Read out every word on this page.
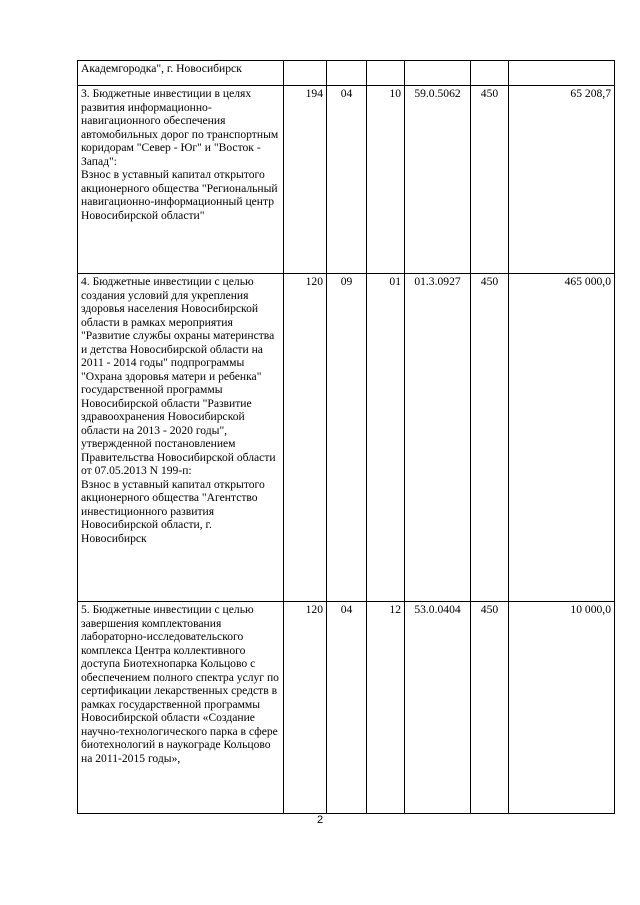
Академгородка", г. Новосибирск						
3. Бюджетные инвестиции в целях развития информационно-навигационного обеспечения автомобильных дорог по транспортным коридорам "Север - Юг" и "Восток - Запад":
Взнос в уставный капитал открытого акционерного общества "Региональный навигационно-информационный центр Новосибирской области"	194	04	10	59.0.5062	450	65 208,7
4. Бюджетные инвестиции с целью создания условий для укрепления здоровья населения Новосибирской области в рамках мероприятия "Развитие службы охраны материнства и детства Новосибирской области на 2011 - 2014 годы" подпрограммы "Охрана здоровья матери и ребенка" государственной программы Новосибирской области "Развитие здравоохранения Новосибирской области на 2013 - 2020 годы", утвержденной постановлением Правительства Новосибирской области от 07.05.2013 N 199-п:
Взнос в уставный капитал открытого акционерного общества "Агентство инвестиционного развития Новосибирской области, г. Новосибирск	120	09	01	01.3.0927	450	465 000,0
5. Бюджетные инвестиции с целью завершения комплектования лабораторно-исследовательского комплекса Центра коллективного доступа Биотехнопарка Кольцово с обеспечением полного спектра услуг по сертификации лекарственных средств в рамках государственной программы Новосибирской области «Создание научно-технологического парка в сфере биотехнологий в наукограде Кольцово на 2011-2015 годы»,	120	04	12	53.0.0404	450	10 000,0
2
